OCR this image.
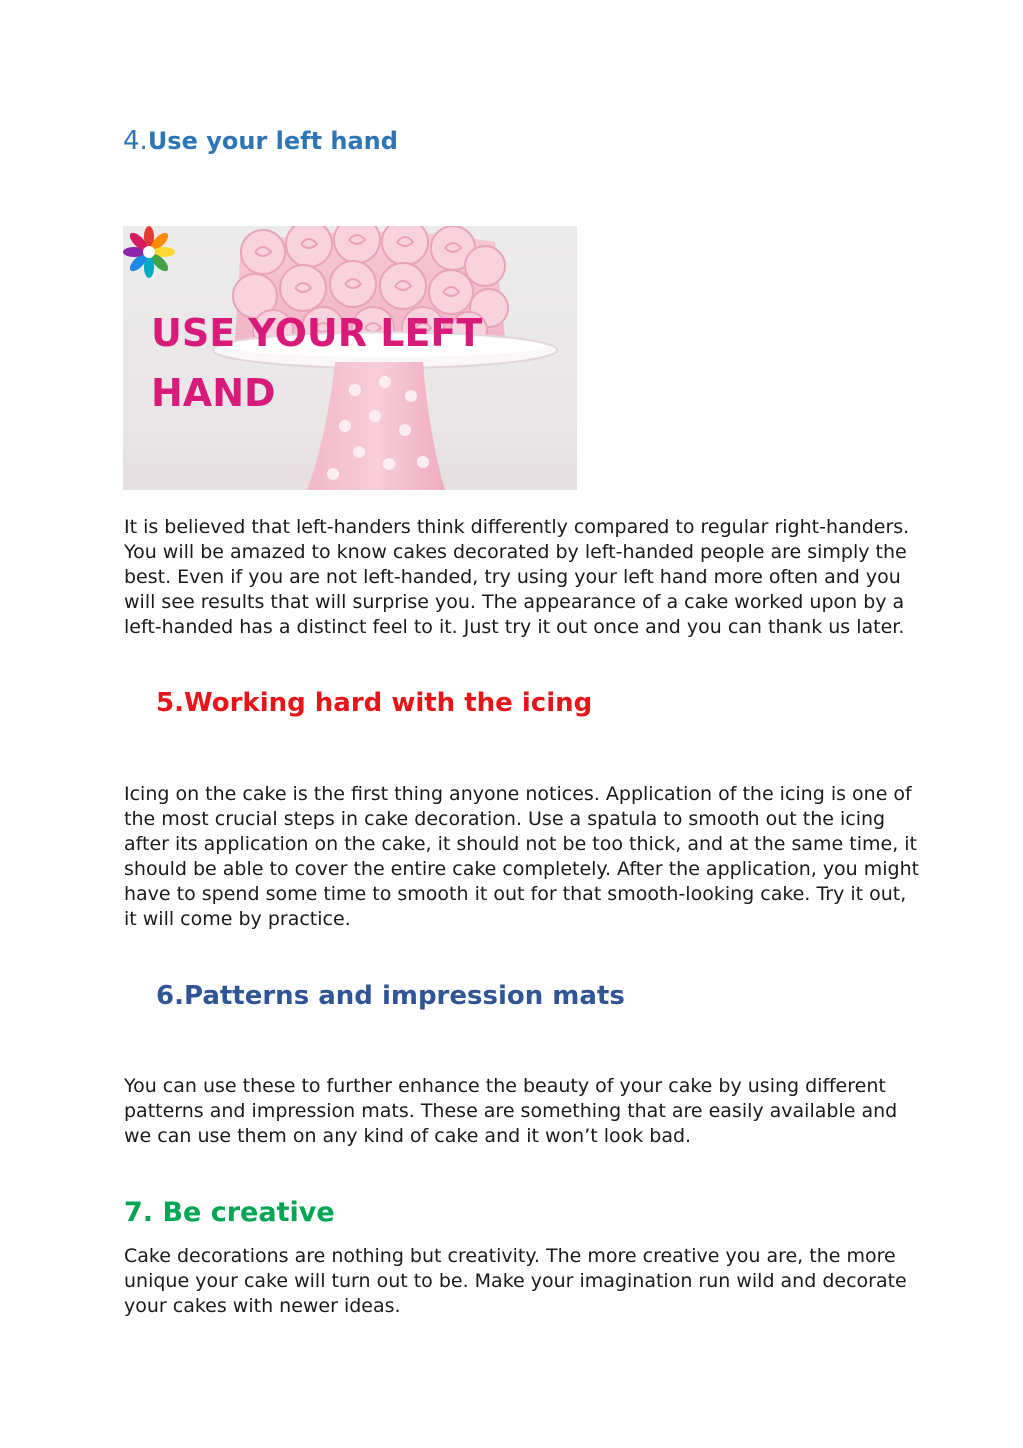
4.Use your left hand
USE YOUR LEFT
HAND

It is believed that left-handers think differently compared to regular right-handers. You will be amazed to know cakes decorated by left-handed people are simply the best. Even if you are not left-handed, try using your left hand more often and you will see results that will surprise you. The appearance of a cake worked upon by a left-handed has a distinct feel to it. Just try it out once and you can thank us later.

5.Working hard with the icing

Icing on the cake is the first thing anyone notices. Application of the icing is one of the most crucial steps in cake decoration. Use a spatula to smooth out the icing after its application on the cake, it should not be too thick, and at the same time, it should be able to cover the entire cake completely. After the application, you might have to spend some time to smooth it out for that smooth-looking cake. Try it out, it will come by practice.

6.Patterns and impression mats

You can use these to further enhance the beauty of your cake by using different patterns and impression mats. These are something that are easily available and we can use them on any kind of cake and it won’t look bad.

7. Be creative

Cake decorations are nothing but creativity. The more creative you are, the more unique your cake will turn out to be. Make your imagination run wild and decorate your cakes with newer ideas.
